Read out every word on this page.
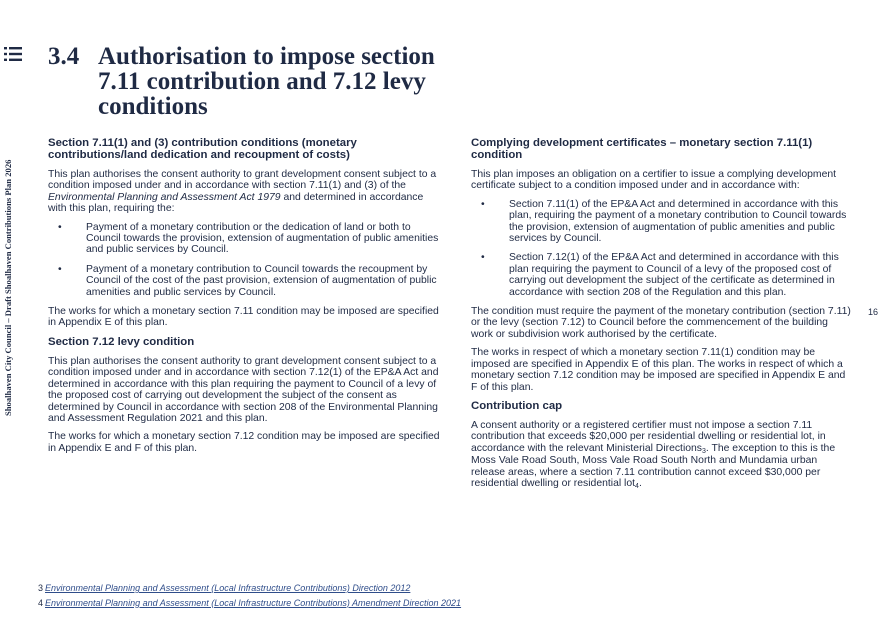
Shoalhaven City Council – Draft Shoalhaven Contributions Plan 2026	16
3.4 Authorisation to impose section 7.11 contribution and 7.12 levy conditions
Section 7.11(1) and (3) contribution conditions (monetary contributions/land dedication and recoupment of costs)

This plan authorises the consent authority to grant development consent subject to a condition imposed under and in accordance with section 7.11(1) and (3) of the Environmental Planning and Assessment Act 1979 and determined in accordance with this plan, requiring the:

• Payment of a monetary contribution or the dedication of land or both to Council towards the provision, extension of augmentation of public amenities and public services by Council.
• Payment of a monetary contribution to Council towards the recoupment by Council of the cost of the past provision, extension of augmentation of public amenities and public services by Council.

The works for which a monetary section 7.11 condition may be imposed are specified in Appendix E of this plan.

Section 7.12 levy condition

This plan authorises the consent authority to grant development consent subject to a condition imposed under and in accordance with section 7.12(1) of the EP&A Act and determined in accordance with this plan requiring the payment to Council of a levy of the proposed cost of carrying out development the subject of the consent as determined by Council in accordance with section 208 of the Environmental Planning and Assessment Regulation 2021 and this plan.

The works for which a monetary section 7.12 condition may be imposed are specified in Appendix E and F of this plan.

Complying development certificates – monetary section 7.11(1) condition

This plan imposes an obligation on a certifier to issue a complying development certificate subject to a condition imposed under and in accordance with:

• Section 7.11(1) of the EP&A Act and determined in accordance with this plan, requiring the payment of a monetary contribution to Council towards the provision, extension of augmentation of public amenities and public services by Council.
• Section 7.12(1) of the EP&A Act and determined in accordance with this plan requiring the payment to Council of a levy of the proposed cost of carrying out development the subject of the certificate as determined in accordance with section 208 of the Regulation and this plan.

The condition must require the payment of the monetary contribution (section 7.11) or the levy (section 7.12) to Council before the commencement of the building work or subdivision work authorised by the certificate.

The works in respect of which a monetary section 7.11(1) condition may be imposed are specified in Appendix E of this plan. The works in respect of which a monetary section 7.12 condition may be imposed are specified in Appendix E and F of this plan.

Contribution cap

A consent authority or a registered certifier must not impose a section 7.11 contribution that exceeds $20,000 per residential dwelling or residential lot, in accordance with the relevant Ministerial Directions$^3$. The exception to this is the Moss Vale Road South, Moss Vale Road South North and Mundamia urban release areas, where a section 7.11 contribution cannot exceed $30,000 per residential dwelling or residential lot$^4$.

3 Environmental Planning and Assessment (Local Infrastructure Contributions) Direction 2012
4 Environmental Planning and Assessment (Local Infrastructure Contributions) Amendment Direction 2021
